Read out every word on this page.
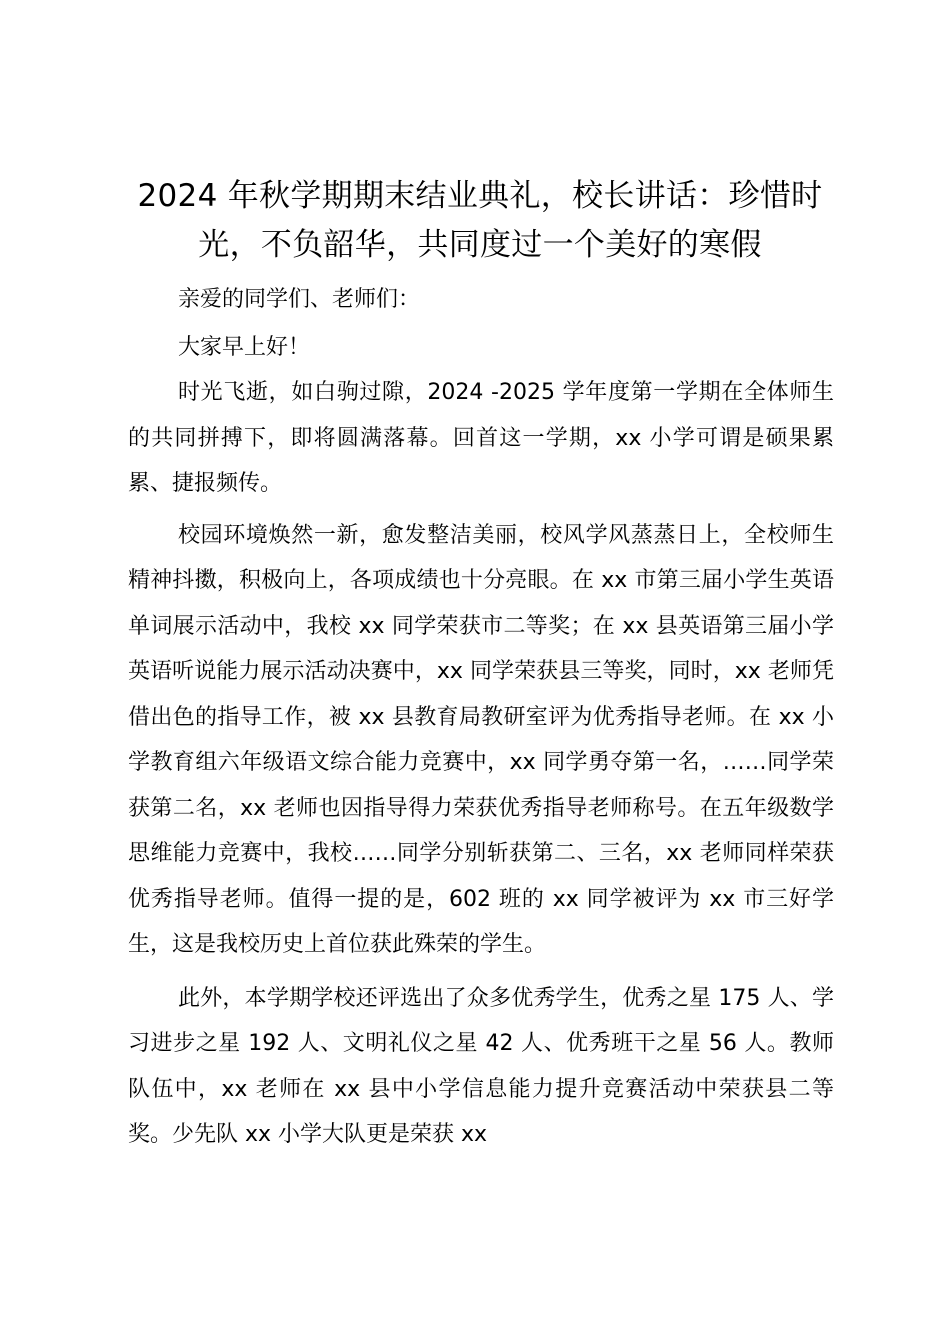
2024 年秋学期期末结业典礼，校长讲话：珍惜时光，不负韶华，共同度过一个美好的寒假

亲爱的同学们、老师们：

大家早上好！

时光飞逝，如白驹过隙，2024 -2025 学年度第一学期在全体师生的共同拼搏下，即将圆满落幕。回首这一学期，xx 小学可谓是硕果累累、捷报频传。

校园环境焕然一新，愈发整洁美丽，校风学风蒸蒸日上，全校师生精神抖擞，积极向上，各项成绩也十分亮眼。在 xx 市第三届小学生英语单词展示活动中，我校 xx 同学荣获市二等奖；在 xx 县英语第三届小学英语听说能力展示活动决赛中，xx 同学荣获县三等奖，同时，xx 老师凭借出色的指导工作，被 xx 县教育局教研室评为优秀指导老师。在 xx 小学教育组六年级语文综合能力竞赛中，xx 同学勇夺第一名，……同学荣获第二名，xx 老师也因指导得力荣获优秀指导老师称号。在五年级数学思维能力竞赛中，我校……同学分别斩获第二、三名，xx 老师同样荣获优秀指导老师。值得一提的是，602 班的 xx 同学被评为 xx 市三好学生，这是我校历史上首位获此殊荣的学生。

此外，本学期学校还评选出了众多优秀学生，优秀之星 175 人、学习进步之星 192 人、文明礼仪之星 42 人、优秀班干之星 56 人。教师队伍中，xx 老师在 xx 县中小学信息能力提升竞赛活动中荣获县二等奖。少先队 xx 小学大队更是荣获 xx
